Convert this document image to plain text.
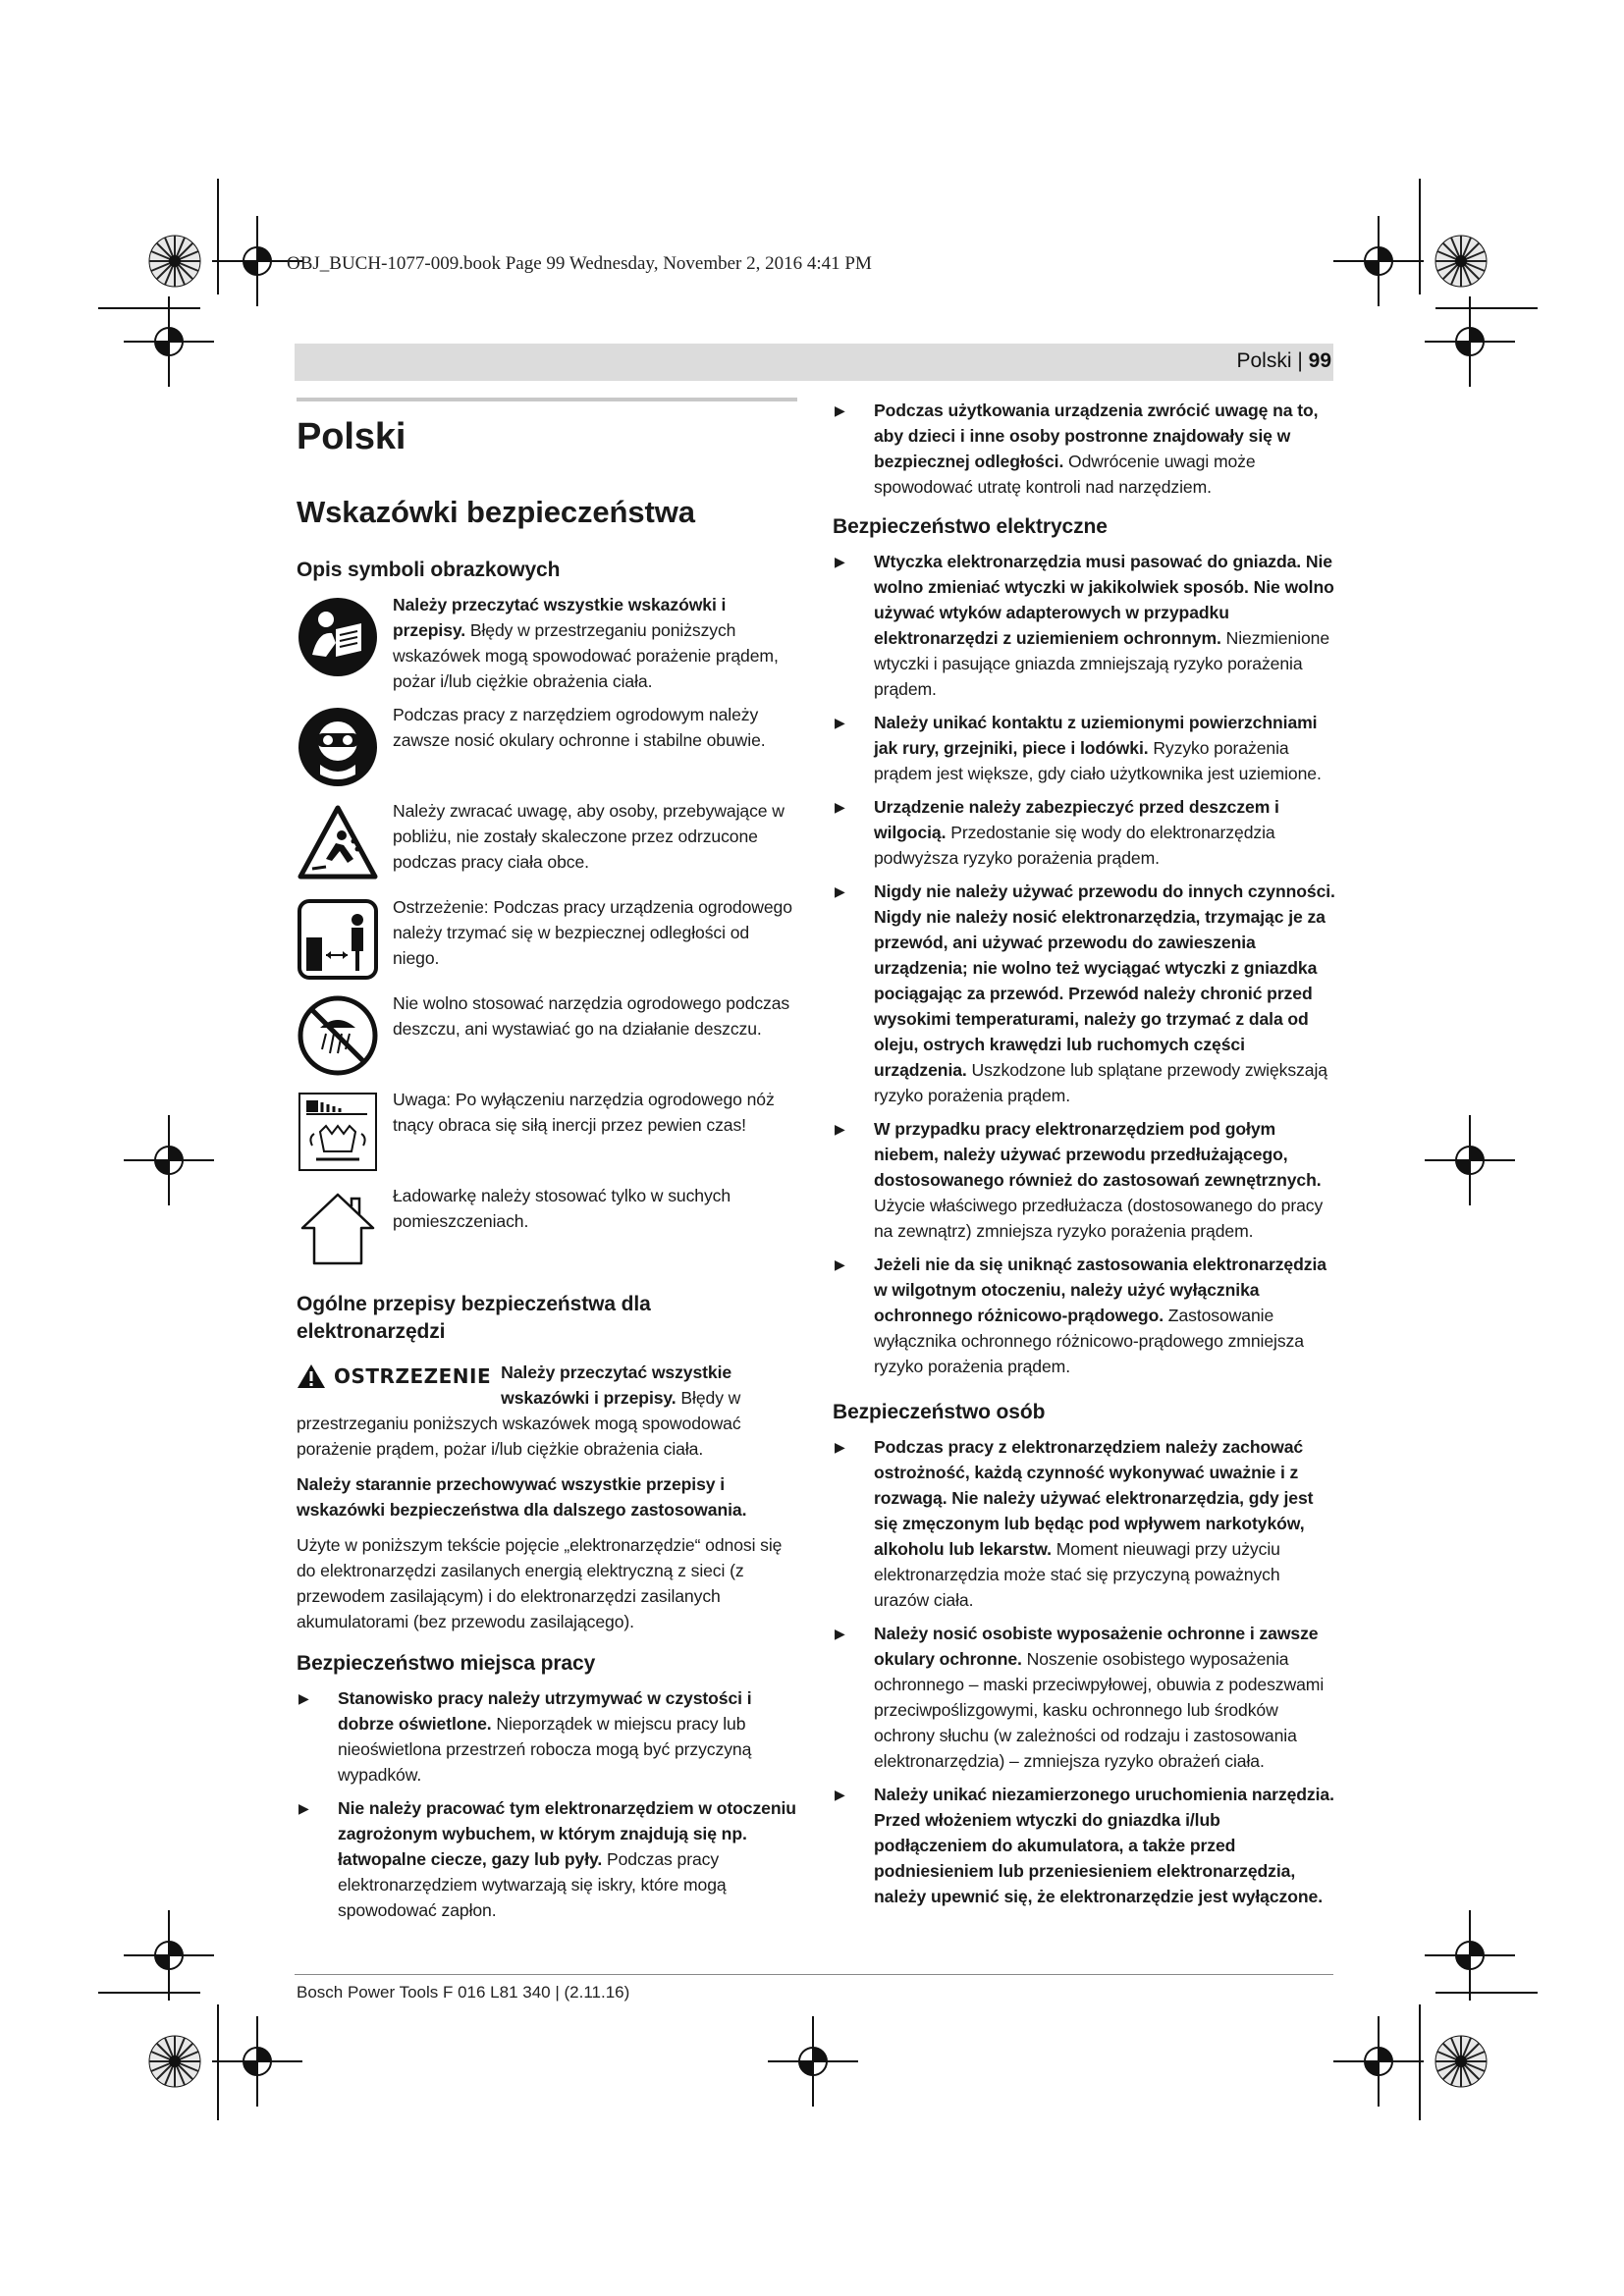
OBJ_BUCH-1077-009.book Page 99 Wednesday, November 2, 2016 4:41 PM
Polski | 99
Polski
Wskazówki bezpieczeństwa
Opis symboli obrazkowych

Należy przeczytać wszystkie wskazówki i przepisy. Błędy w przestrzeganiu poniższych wskazówek mogą spowodować porażenie prądem, pożar i/lub ciężkie obrażenia ciała.

Podczas pracy z narzędziem ogrodowym należy zawsze nosić okulary ochronne i stabilne obuwie.

Należy zwracać uwagę, aby osoby, przebywające w pobliżu, nie zostały skaleczone przez odrzucone podczas pracy ciała obce.

Ostrzeżenie: Podczas pracy urządzenia ogrodowego należy trzymać się w bezpiecznej odległości od niego.

Nie wolno stosować narzędzia ogrodowego podczas deszczu, ani wystawiać go na działanie deszczu.

Uwaga: Po wyłączeniu narzędzia ogrodowego nóż tnący obraca się siłą inercji przez pewien czas!

Ładowarkę należy stosować tylko w suchych pomieszczeniach.

Ogólne przepisy bezpieczeństwa dla elektronarzędzi
OSTRZEZENIE Należy przeczytać wszystkie wskazówki i przepisy. Błędy w przestrzeganiu poniższych wskazówek mogą spowodować porażenie prądem, pożar i/lub ciężkie obrażenia ciała.

Należy starannie przechowywać wszystkie przepisy i wskazówki bezpieczeństwa dla dalszego zastosowania.

Użyte w poniższym tekście pojęcie „elektronarzędzie“ odnosi się do elektronarzędzi zasilanych energią elektryczną z sieci (z przewodem zasilającym) i do elektronarzędzi zasilanych akumulatorami (bez przewodu zasilającego).

Bezpieczeństwo miejsca pracy

▶ Stanowisko pracy należy utrzymywać w czystości i dobrze oświetlone. Nieporządek w miejscu pracy lub nieoświetlona przestrzeń robocza mogą być przyczyną wypadków.

▶ Nie należy pracować tym elektronarzędziem w otoczeniu zagrożonym wybuchem, w którym znajdują się np. łatwopalne ciecze, gazy lub pyły. Podczas pracy elektronarzędziem wytwarzają się iskry, które mogą spowodować zapłon.

▶ Podczas użytkowania urządzenia zwrócić uwagę na to, aby dzieci i inne osoby postronne znajdowały się w bezpiecznej odległości. Odwrócenie uwagi może spowodować utratę kontroli nad narzędziem.

Bezpieczeństwo elektryczne

▶ Wtyczka elektronarzędzia musi pasować do gniazda. Nie wolno zmieniać wtyczki w jakikolwiek sposób. Nie wolno używać wtyków adapterowych w przypadku elektronarzędzi z uziemieniem ochronnym. Niezmienione wtyczki i pasujące gniazda zmniejszają ryzyko porażenia prądem.

▶ Należy unikać kontaktu z uziemionymi powierzchniami jak rury, grzejniki, piece i lodówki. Ryzyko porażenia prądem jest większe, gdy ciało użytkownika jest uziemione.

▶ Urządzenie należy zabezpieczyć przed deszczem i wilgocią. Przedostanie się wody do elektronarzędzia podwyższa ryzyko porażenia prądem.

▶ Nigdy nie należy używać przewodu do innych czynności. Nigdy nie należy nosić elektronarzędzia, trzymając je za przewód, ani używać przewodu do zawieszenia urządzenia; nie wolno też wyciągać wtyczki z gniazdka pociągając za przewód. Przewód należy chronić przed wysokimi temperaturami, należy go trzymać z dala od oleju, ostrych krawędzi lub ruchomych części urządzenia. Uszkodzone lub splątane przewody zwiększają ryzyko porażenia prądem.

▶ W przypadku pracy elektronarzędziem pod gołym niebem, należy używać przewodu przedłużającego, dostosowanego również do zastosowań zewnętrznych. Użycie właściwego przedłużacza (dostosowanego do pracy na zewnątrz) zmniejsza ryzyko porażenia prądem.

▶ Jeżeli nie da się uniknąć zastosowania elektronarzędzia w wilgotnym otoczeniu, należy użyć wyłącznika ochronnego różnicowo-prądowego. Zastosowanie wyłącznika ochronnego różnicowo-prądowego zmniejsza ryzyko porażenia prądem.

Bezpieczeństwo osób

▶ Podczas pracy z elektronarzędziem należy zachować ostrożność, każdą czynność wykonywać uważnie i z rozwagą. Nie należy używać elektronarzędzia, gdy jest się zmęczonym lub będąc pod wpływem narkotyków, alkoholu lub lekarstw. Moment nieuwagi przy użyciu elektronarzędzia może stać się przyczyną poważnych urazów ciała.

▶ Należy nosić osobiste wyposażenie ochronne i zawsze okulary ochronne. Noszenie osobistego wyposażenia ochronnego – maski przeciwpyłowej, obuwia z podeszwami przeciwpoślizgowymi, kasku ochronnego lub środków ochrony słuchu (w zależności od rodzaju i zastosowania elektronarzędzia) – zmniejsza ryzyko obrażeń ciała.

▶ Należy unikać niezamierzonego uruchomienia narzędzia. Przed włożeniem wtyczki do gniazdka i/lub podłączeniem do akumulatora, a także przed podniesieniem lub przeniesieniem elektronarzędzia, należy upewnić się, że elektronarzędzie jest wyłączone.

Bosch Power Tools F 016 L81 340 | (2.11.16)
